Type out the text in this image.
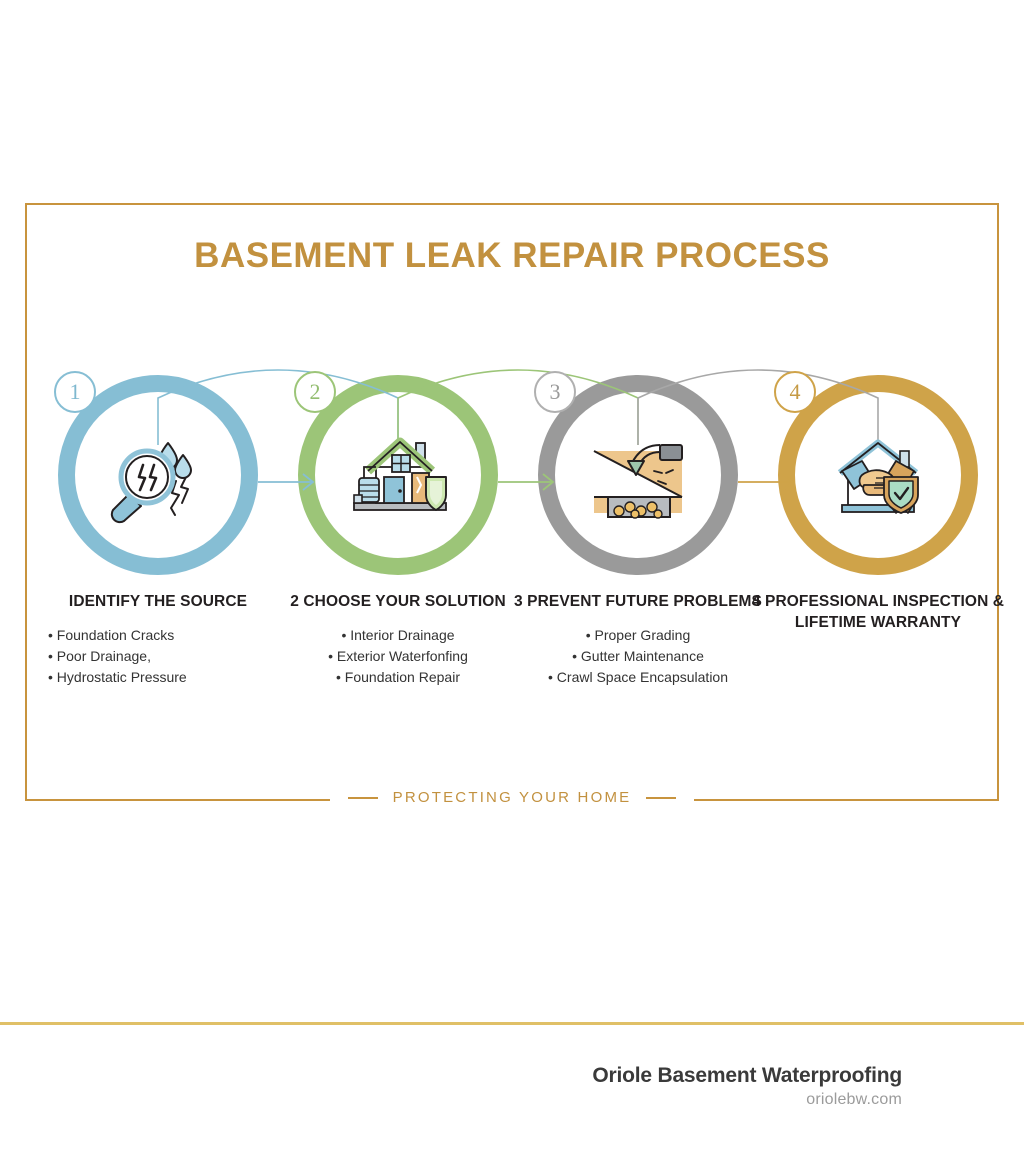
BASEMENT LEAK REPAIR PROCESS
1
IDENTIFY THE SOURCE
• Foundation Cracks
• Poor Drainage,
• Hydrostatic Pressure
2
2 CHOOSE YOUR SOLUTION
• Interior Drainage
• Exterior Waterfonfing
• Foundation Repair
3
3 PREVENT FUTURE PROBLEMS
• Proper Grading
• Gutter Maintenance
• Crawl Space Encapsulation
4
4 PROFESSIONAL INSPECTION & LIFETIME WARRANTY
PROTECTING YOUR HOME
Oriole Basement Waterproofing
oriolebw.com
